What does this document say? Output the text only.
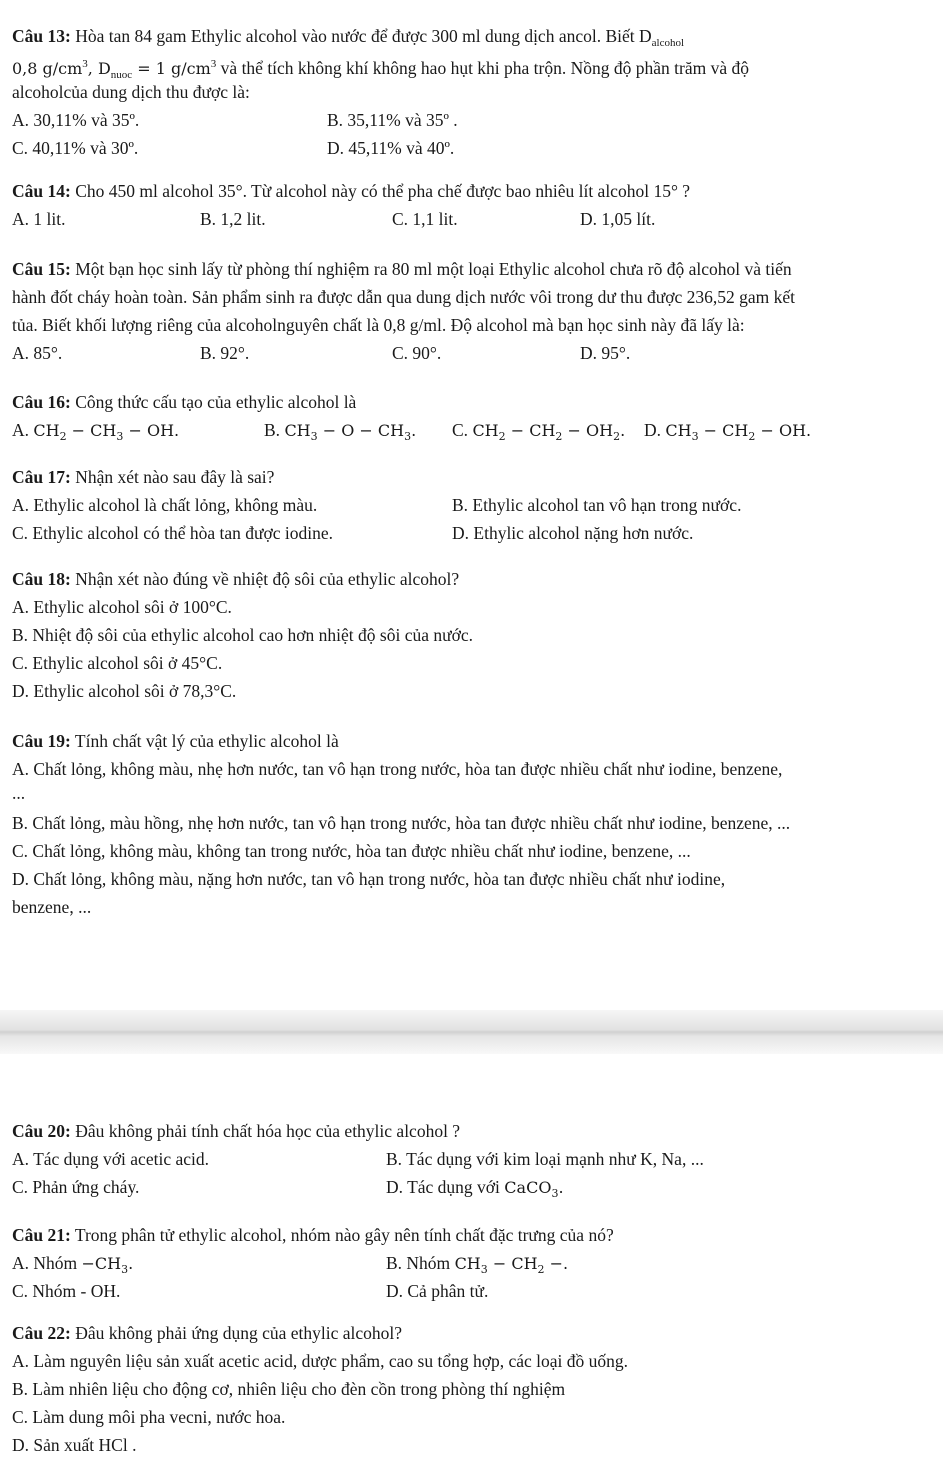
Câu 13: Hòa tan 84 gam Ethylic alcohol vào nước để được 300 ml dung dịch ancol. Biết $D_{alcohol}$
0,8 $g/cm^3$, $D_{nuoc} = 1$ $g/cm^3$ và thể tích không khí không hao hụt khi pha trộn. Nồng độ phần trăm và độ
alcoholcủa dung dịch thu được là:
A. 30,11% và 35º.	B. 35,11% và 35º .
C. 40,11% và 30º.	D. 45,11% và 40º.
Câu 14: Cho 450 ml alcohol 35°. Từ alcohol này có thể pha chế được bao nhiêu lít alcohol 15° ?
A. 1 lit.	B. 1,2 lit.	C. 1,1 lit.	D. 1,05 lít.
Câu 15: Một bạn học sinh lấy từ phòng thí nghiệm ra 80 ml một loại Ethylic alcohol chưa rõ độ alcohol và tiến
hành đốt cháy hoàn toàn. Sản phẩm sinh ra được dẫn qua dung dịch nước vôi trong dư thu được 236,52 gam kết
tủa. Biết khối lượng riêng của alcoholnguyên chất là 0,8 g/ml. Độ alcohol mà bạn học sinh này đã lấy là:
A. 85°.	B. 92°.	C. 90°.	D. 95°.
Câu 16: Công thức cấu tạo của ethylic alcohol là
A. $CH_2 - CH_3$ − OH.	B. $CH_3 - O - CH_3$. C. $CH_2 - CH_2 - OH_2$. D. $CH_3 - CH_2$ − OH.
Câu 17: Nhận xét nào sau đây là sai?
A. Ethylic alcohol là chất lỏng, không màu.	B. Ethylic alcohol tan vô hạn trong nước.
C. Ethylic alcohol có thể hòa tan được iodine.	D. Ethylic alcohol nặng hơn nước.
Câu 18: Nhận xét nào đúng về nhiệt độ sôi của ethylic alcohol?
A. Ethylic alcohol sôi ở 100°C.
B. Nhiệt độ sôi của ethylic alcohol cao hơn nhiệt độ sôi của nước.
C. Ethylic alcohol sôi ở 45°C.
D. Ethylic alcohol sôi ở 78,3°C.
Câu 19: Tính chất vật lý của ethylic alcohol là
A. Chất lỏng, không màu, nhẹ hơn nước, tan vô hạn trong nước, hòa tan được nhiều chất như iodine, benzene,
...
B. Chất lỏng, màu hồng, nhẹ hơn nước, tan vô hạn trong nước, hòa tan được nhiều chất như iodine, benzene, ...
C. Chất lỏng, không màu, không tan trong nước, hòa tan được nhiều chất như iodine, benzene, ...
D. Chất lỏng, không màu, nặng hơn nước, tan vô hạn trong nước, hòa tan được nhiều chất như iodine,
benzene, ...
Câu 20: Đâu không phải tính chất hóa học của ethylic alcohol ?
A. Tác dụng với acetic acid.	B. Tác dụng với kim loại mạnh như K, Na, ...
C. Phản ứng cháy.	D. Tác dụng với CaCO$_3$.
Câu 21: Trong phân tử ethylic alcohol, nhóm nào gây nên tính chất đặc trưng của nó?
A. Nhóm $-CH_3$.	B. Nhóm $CH_3 - CH_2$ −.
C. Nhóm - OH.	D. Cả phân tử.
Câu 22: Đâu không phải ứng dụng của ethylic alcohol?
A. Làm nguyên liệu sản xuất acetic acid, dược phẩm, cao su tổng hợp, các loại đồ uống.
B. Làm nhiên liệu cho động cơ, nhiên liệu cho đèn cồn trong phòng thí nghiệm
C. Làm dung môi pha vecni, nước hoa.
D. Sản xuất HCl .
